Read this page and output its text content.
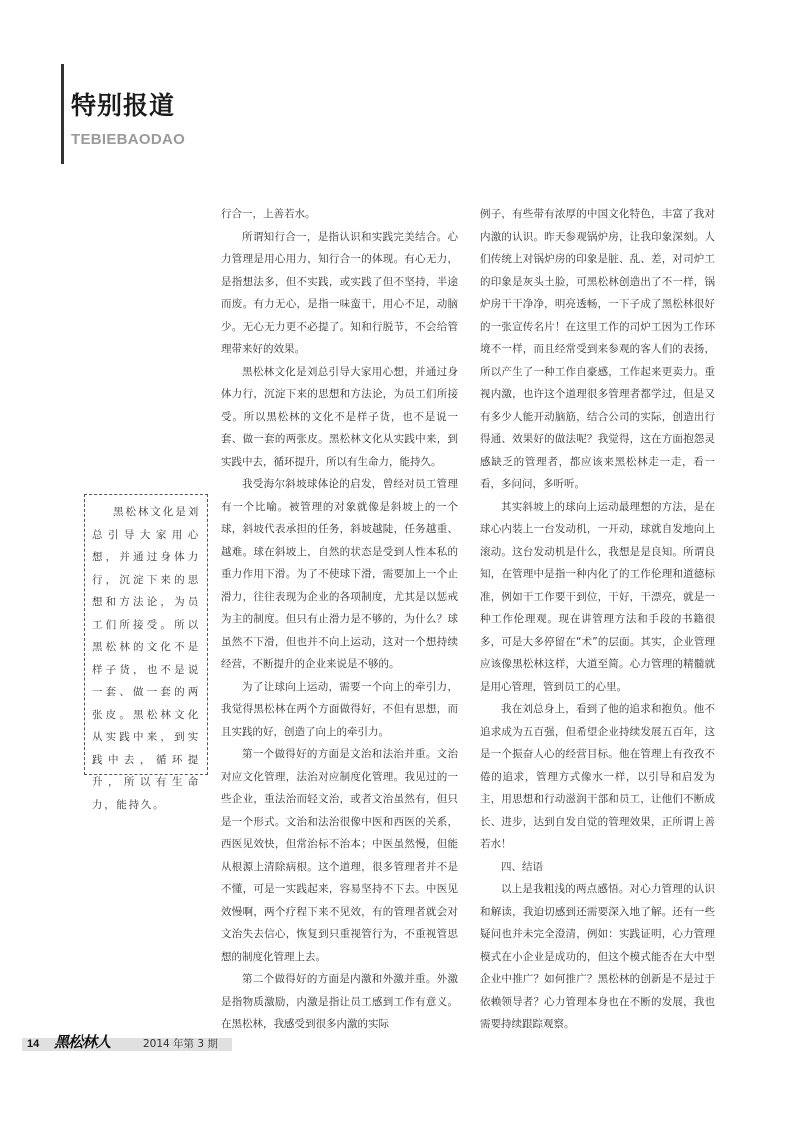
特别报道
TEBIEBAODAO

黑松林文化是刘总引导大家用心想，并通过身体力行，沉淀下来的思想和方法论，为员工们所接受。所以黑松林的文化不是样子货，也不是说一套、做一套的两张皮。黑松林文化从实践中来，到实践中去，循环提升，所以有生命力，能持久。

行合一，上善若水。

所谓知行合一，是指认识和实践完美结合。心力管理是用心用力，知行合一的体现。有心无力，是指想法多，但不实践，或实践了但不坚持，半途而废。有力无心，是指一味蛮干，用心不足，动脑少。无心无力更不必提了。知和行脱节，不会给管理带来好的效果。

黑松林文化是刘总引导大家用心想，并通过身体力行，沉淀下来的思想和方法论，为员工们所接受。所以黑松林的文化不是样子货，也不是说一套、做一套的两张皮。黑松林文化从实践中来，到实践中去，循环提升，所以有生命力，能持久。

我受海尔斜坡球体论的启发，曾经对员工管理有一个比喻。被管理的对象就像是斜坡上的一个球，斜坡代表承担的任务，斜坡越陡，任务越重、越难。球在斜坡上，自然的状态是受到人性本私的重力作用下滑。为了不使球下滑，需要加上一个止滑力，往往表现为企业的各项制度，尤其是以惩戒为主的制度。但只有止滑力是不够的，为什么？球虽然不下滑，但也并不向上运动，这对一个想持续经营，不断提升的企业来说是不够的。

为了让球向上运动，需要一个向上的牵引力，我觉得黑松林在两个方面做得好，不但有思想，而且实践的好，创造了向上的牵引力。

第一个做得好的方面是文治和法治并重。文治对应文化管理，法治对应制度化管理。我见过的一些企业，重法治而轻文治，或者文治虽然有，但只是一个形式。文治和法治很像中医和西医的关系，西医见效快，但常治标不治本；中医虽然慢，但能从根源上清除病根。这个道理，很多管理者并不是不懂，可是一实践起来，容易坚持不下去。中医见效慢啊，两个疗程下来不见效，有的管理者就会对文治失去信心，恢复到只重视管行为，不重视管思想的制度化管理上去。

第二个做得好的方面是内激和外激并重。外激是指物质激励，内激是指让员工感到工作有意义。在黑松林，我感受到很多内激的实际

例子，有些带有浓厚的中国文化特色，丰富了我对内激的认识。昨天参观锅炉房，让我印象深刻。人们传统上对锅炉房的印象是脏、乱、差，对司炉工的印象是灰头土脸，可黑松林创造出了不一样，锅炉房干干净净，明亮透畅，一下子成了黑松林很好的一张宣传名片！在这里工作的司炉工因为工作环境不一样，而且经常受到来参观的客人们的表扬，所以产生了一种工作自豪感，工作起来更卖力。重视内激，也许这个道理很多管理者都学过，但是又有多少人能开动脑筋，结合公司的实际，创造出行得通、效果好的做法呢？我觉得，这在方面抱怨灵感缺乏的管理者，都应该来黑松林走一走，看一看，多问问，多听听。

其实斜坡上的球向上运动最理想的方法，是在球心内装上一台发动机，一开动，球就自发地向上滚动。这台发动机是什么，我想是是良知。所谓良知，在管理中是指一种内化了的工作伦理和道德标准，例如干工作要干到位，干好，干漂亮，就是一种工作伦理观。现在讲管理方法和手段的书籍很多，可是大多停留在“术”的层面。其实，企业管理应该像黑松林这样，大道至简。心力管理的精髓就是用心管理，管到员工的心里。

我在刘总身上，看到了他的追求和抱负。他不追求成为五百强，但希望企业持续发展五百年，这是一个振奋人心的经营目标。他在管理上有孜孜不倦的追求，管理方式像水一样，以引导和启发为主，用思想和行动滋润干部和员工，让他们不断成长、进步，达到自发自觉的管理效果，正所谓上善若水！

四、结语

以上是我粗浅的两点感悟。对心力管理的认识和解读，我迫切感到还需要深入地了解。还有一些疑问也并未完全澄清，例如：实践证明，心力管理模式在小企业是成功的，但这个模式能否在大中型企业中推广？如何推广？黑松林的创新是不是过于依赖领导者？心力管理本身也在不断的发展，我也需要持续跟踪观察。

14 黑松林人	2014 年第 3 期
